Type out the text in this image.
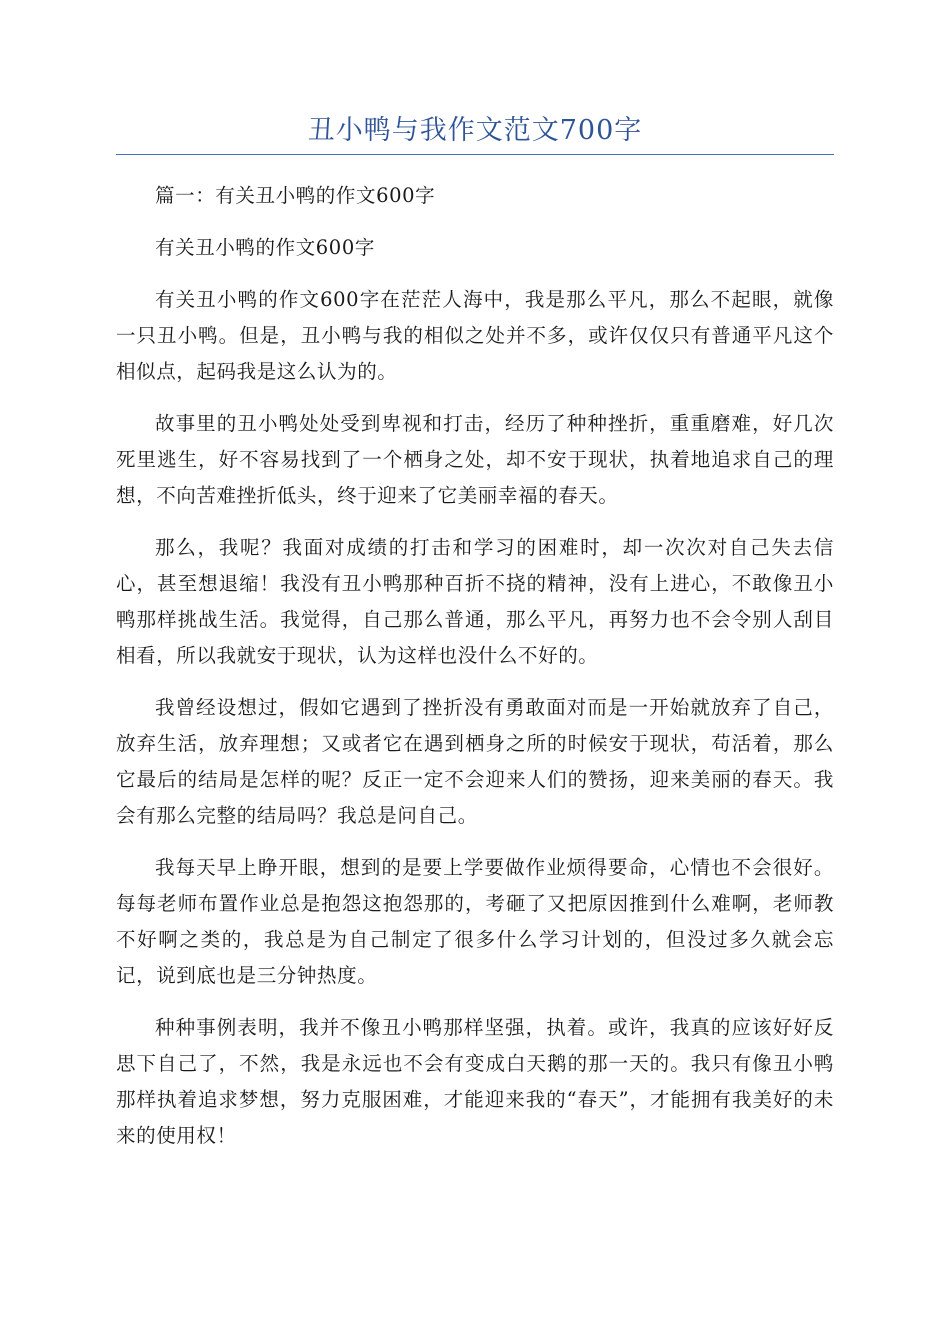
丑小鸭与我作文范文700字

篇一：有关丑小鸭的作文600字

有关丑小鸭的作文600字

有关丑小鸭的作文600字在茫茫人海中，我是那么平凡，那么不起眼，就像一只丑小鸭。但是，丑小鸭与我的相似之处并不多，或许仅仅只有普通平凡这个相似点，起码我是这么认为的。

故事里的丑小鸭处处受到卑视和打击，经历了种种挫折，重重磨难，好几次死里逃生，好不容易找到了一个栖身之处，却不安于现状，执着地追求自己的理想，不向苦难挫折低头，终于迎来了它美丽幸福的春天。

那么，我呢？我面对成绩的打击和学习的困难时，却一次次对自己失去信心，甚至想退缩！我没有丑小鸭那种百折不挠的精神，没有上进心，不敢像丑小鸭那样挑战生活。我觉得，自己那么普通，那么平凡，再努力也不会令别人刮目相看，所以我就安于现状，认为这样也没什么不好的。

我曾经设想过，假如它遇到了挫折没有勇敢面对而是一开始就放弃了自己，放弃生活，放弃理想；又或者它在遇到栖身之所的时候安于现状，苟活着，那么它最后的结局是怎样的呢？反正一定不会迎来人们的赞扬，迎来美丽的春天。我会有那么完整的结局吗？我总是问自己。

我每天早上睁开眼，想到的是要上学要做作业烦得要命，心情也不会很好。每每老师布置作业总是抱怨这抱怨那的，考砸了又把原因推到什么难啊，老师教不好啊之类的，我总是为自己制定了很多什么学习计划的，但没过多久就会忘记，说到底也是三分钟热度。

种种事例表明，我并不像丑小鸭那样坚强，执着。或许，我真的应该好好反思下自己了，不然，我是永远也不会有变成白天鹅的那一天的。我只有像丑小鸭那样执着追求梦想，努力克服困难，才能迎来我的“春天”，才能拥有我美好的未来的使用权！
